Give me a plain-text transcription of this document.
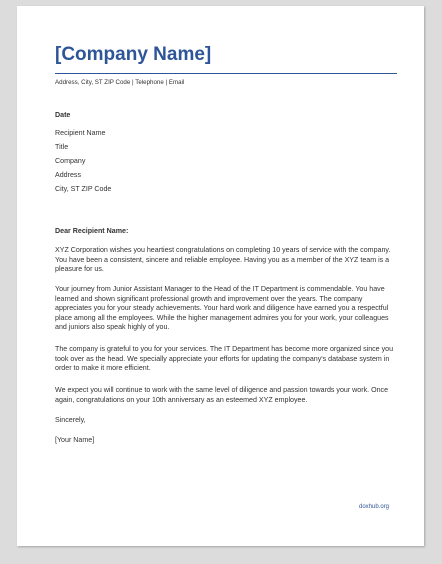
[Company Name]
Address, City, ST ZIP Code | Telephone | Email
Date
Recipient Name
Title
Company
Address
City, ST ZIP Code
Dear Recipient Name:
XYZ Corporation wishes you heartiest congratulations on completing 10 years of service with the company. You have been a consistent, sincere and reliable employee. Having you as a member of the XYZ team is a pleasure for us.
Your journey from Junior Assistant Manager to the Head of the IT Department is commendable. You have learned and shown significant professional growth and improvement over the years. The company appreciates you for your steady achievements. Your hard work and diligence have earned you a respectful place among all the employees. While the higher management admires you for your work, your colleagues and juniors also speak highly of you.
The company is grateful to you for your services. The IT Department has become more organized since you took over as the head. We specially appreciate your efforts for updating the company's database system in order to make it more efficient.
We expect you will continue to work with the same level of diligence and passion towards your work. Once again, congratulations on your 10th anniversary as an esteemed XYZ employee.
Sincerely,
[Your Name]
doxhub.org
